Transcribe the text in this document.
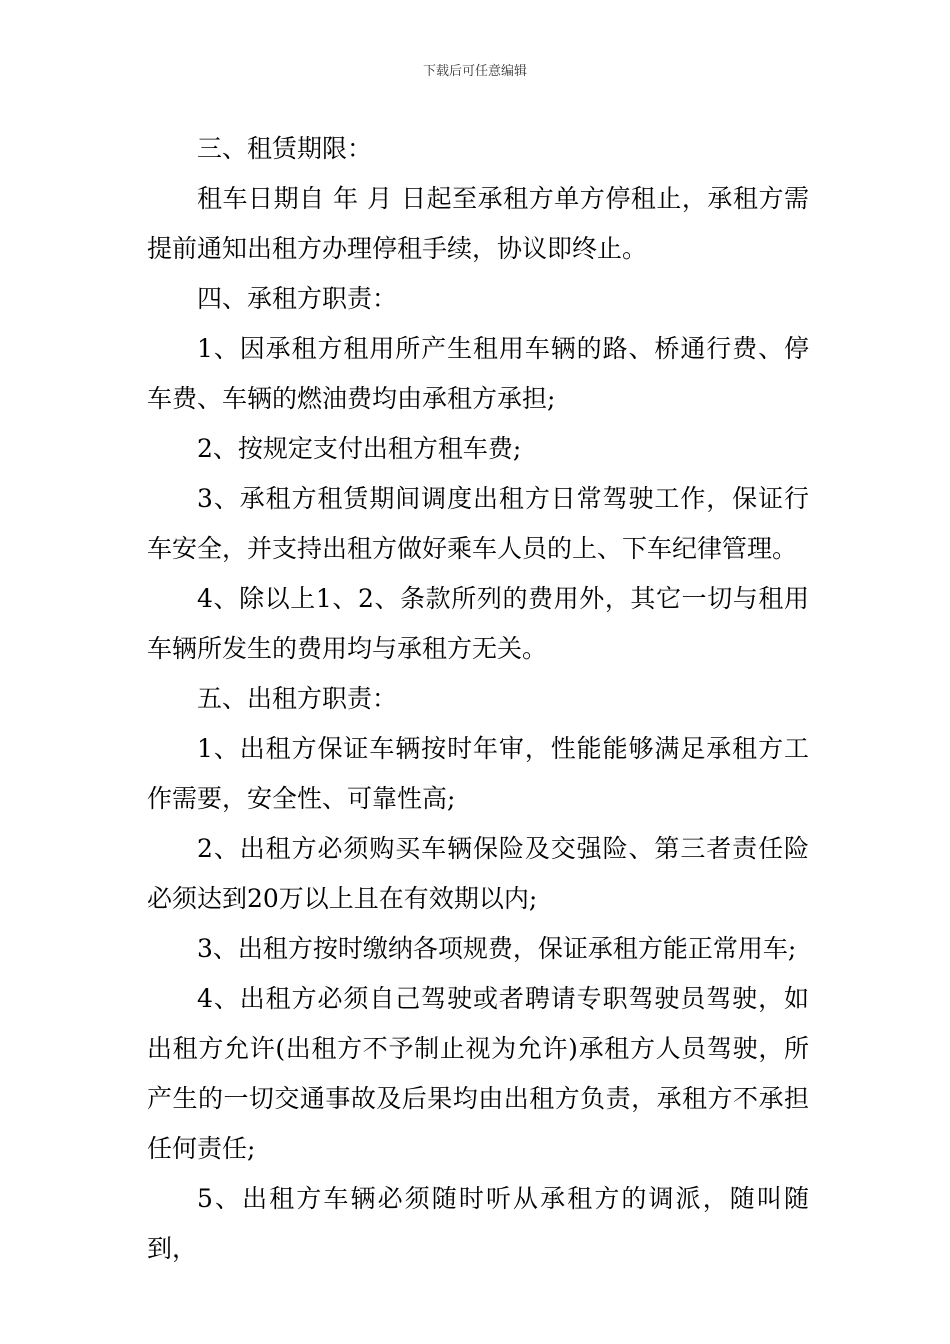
下载后可任意编辑

三、租赁期限：

租车日期自 年 月 日起至承租方单方停租止，承租方需提前通知出租方办理停租手续，协议即终止。

四、承租方职责：

1、因承租方租用所产生租用车辆的路、桥通行费、停车费、车辆的燃油费均由承租方承担;

2、按规定支付出租方租车费;

3、承租方租赁期间调度出租方日常驾驶工作，保证行车安全，并支持出租方做好乘车人员的上、下车纪律管理。

4、除以上1、2、条款所列的费用外，其它一切与租用车辆所发生的费用均与承租方无关。

五、出租方职责：

1、出租方保证车辆按时年审，性能能够满足承租方工作需要，安全性、可靠性高;

2、出租方必须购买车辆保险及交强险、第三者责任险必须达到20万以上且在有效期以内;

3、出租方按时缴纳各项规费，保证承租方能正常用车;

4、出租方必须自己驾驶或者聘请专职驾驶员驾驶，如出租方允许(出租方不予制止视为允许)承租方人员驾驶，所产生的一切交通事故及后果均由出租方负责，承租方不承担任何责任;

5、出租方车辆必须随时听从承租方的调派，随叫随到，
